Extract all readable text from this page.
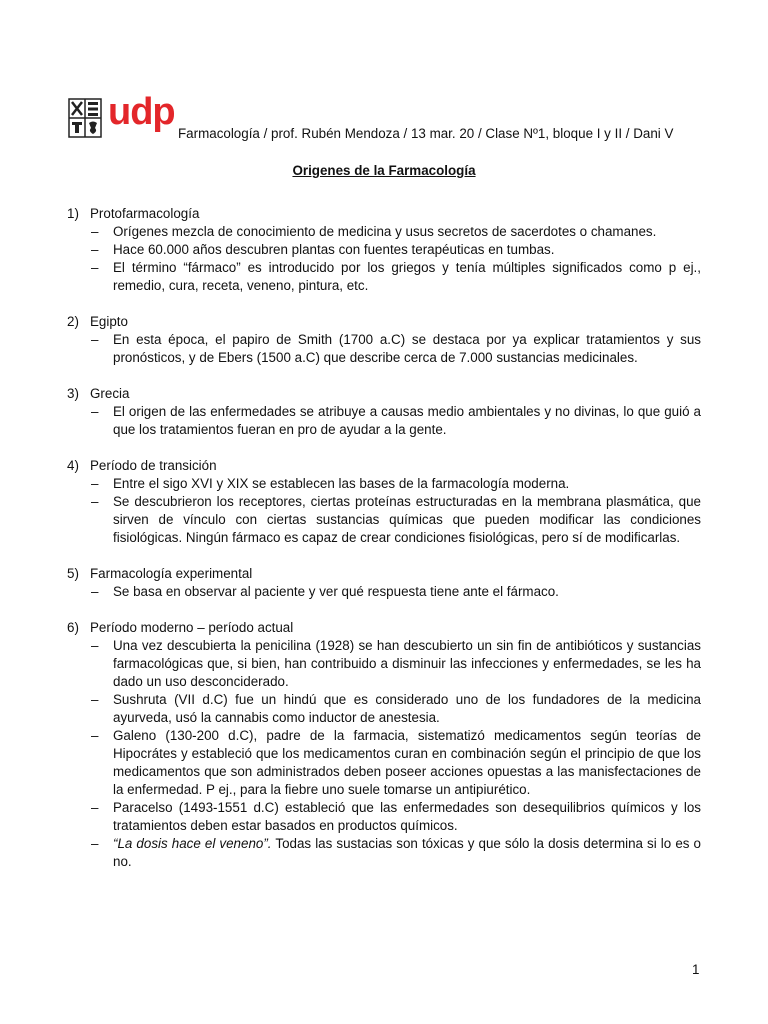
udp
Farmacología / prof. Rubén Mendoza / 13 mar. 20 / Clase Nº1, bloque I y II / Dani V
Origenes de la Farmacología
1) Protofarmacología
–	Orígenes mezcla de conocimiento de medicina y usus secretos de sacerdotes o chamanes.
–	Hace 60.000 años descubren plantas con fuentes terapéuticas en tumbas.
–	El término “fármaco” es introducido por los griegos y tenía múltiples significados como p ej., remedio, cura, receta, veneno, pintura, etc.
2) Egipto
–	En esta época, el papiro de Smith (1700 a.C) se destaca por ya explicar tratamientos y sus pronósticos, y de Ebers (1500 a.C) que describe cerca de 7.000 sustancias medicinales.
3) Grecia
–	El origen de las enfermedades se atribuye a causas medio ambientales y no divinas, lo que guió a que los tratamientos fueran en pro de ayudar a la gente.
4) Período de transición
–	Entre el sigo XVI y XIX se establecen las bases de la farmacología moderna.
–	Se descubrieron los receptores, ciertas proteínas estructuradas en la membrana plasmática, que sirven de vínculo con ciertas sustancias químicas que pueden modificar las condiciones fisiológicas. Ningún fármaco es capaz de crear condiciones fisiológicas, pero sí de modificarlas.
5) Farmacología experimental
–	Se basa en observar al paciente y ver qué respuesta tiene ante el fármaco.
6) Período moderno – período actual
–	Una vez descubierta la penicilina (1928) se han descubierto un sin fin de antibióticos y sustancias farmacológicas que, si bien, han contribuido a disminuir las infecciones y enfermedades, se les ha dado un uso desconciderado.
–	Sushruta (VII d.C) fue un hindú que es considerado uno de los fundadores de la medicina ayurveda, usó la cannabis como inductor de anestesia.
–	Galeno (130-200 d.C), padre de la farmacia, sistematizó medicamentos según teorías de Hipocrátes y estableció que los medicamentos curan en combinación según el principio de que los medicamentos que son administrados deben poseer acciones opuestas a las manisfectaciones de la enfermedad. P ej., para la fiebre uno suele tomarse un antipiurético.
–	Paracelso (1493-1551 d.C) estableció que las enfermedades son desequilibrios químicos y los tratamientos deben estar basados en productos químicos.
–	“La dosis hace el veneno”. Todas las sustacias son tóxicas y que sólo la dosis determina si lo es o no.
1
